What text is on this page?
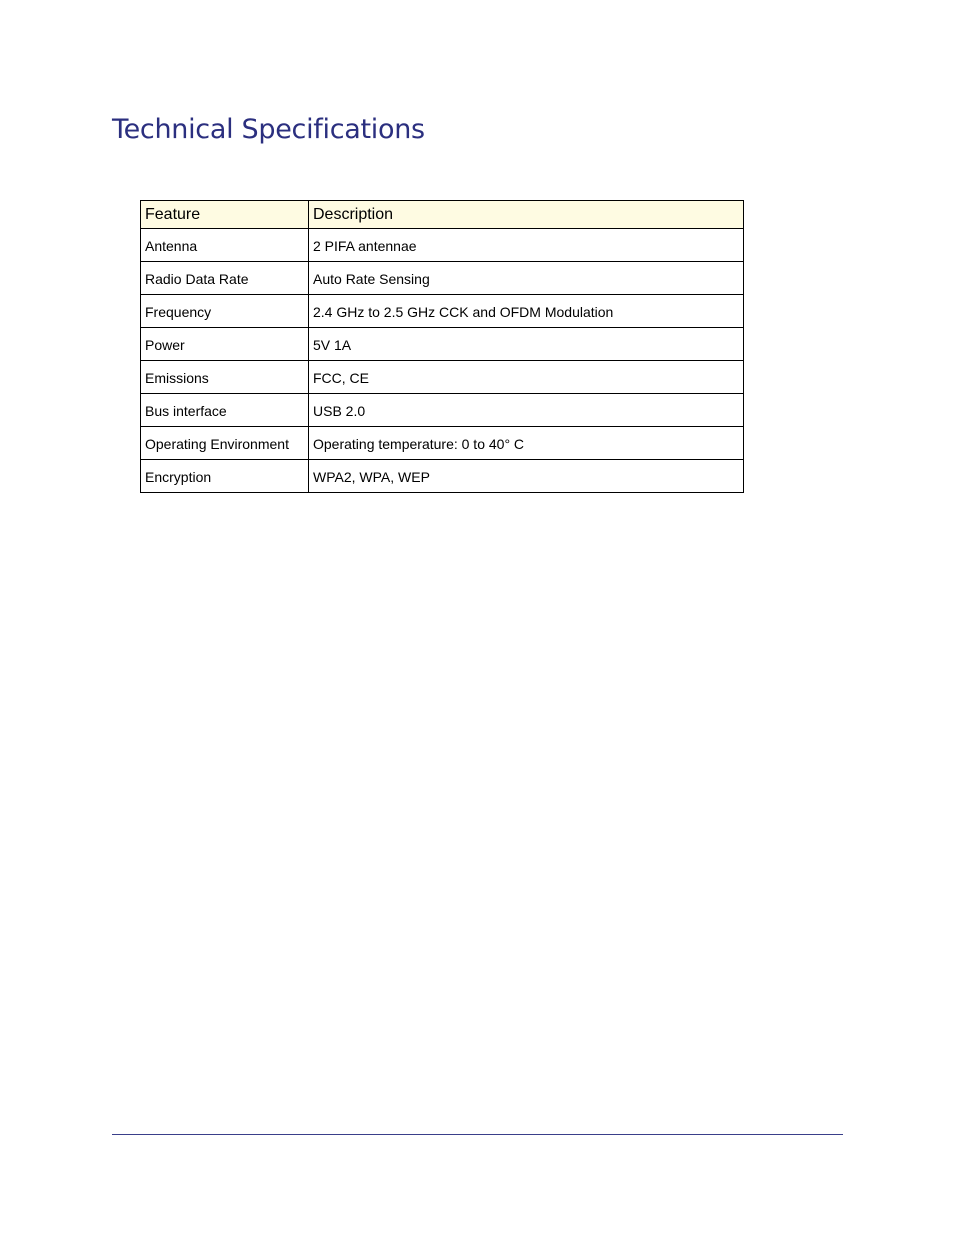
Technical Specifications
Feature	Description
Antenna	2 PIFA antennae
Radio Data Rate	Auto Rate Sensing
Frequency	2.4 GHz to 2.5 GHz CCK and OFDM Modulation
Power	5V 1A
Emissions	FCC, CE
Bus interface	USB 2.0
Operating Environment	Operating temperature: 0 to 40° C
Encryption	WPA2, WPA, WEP
